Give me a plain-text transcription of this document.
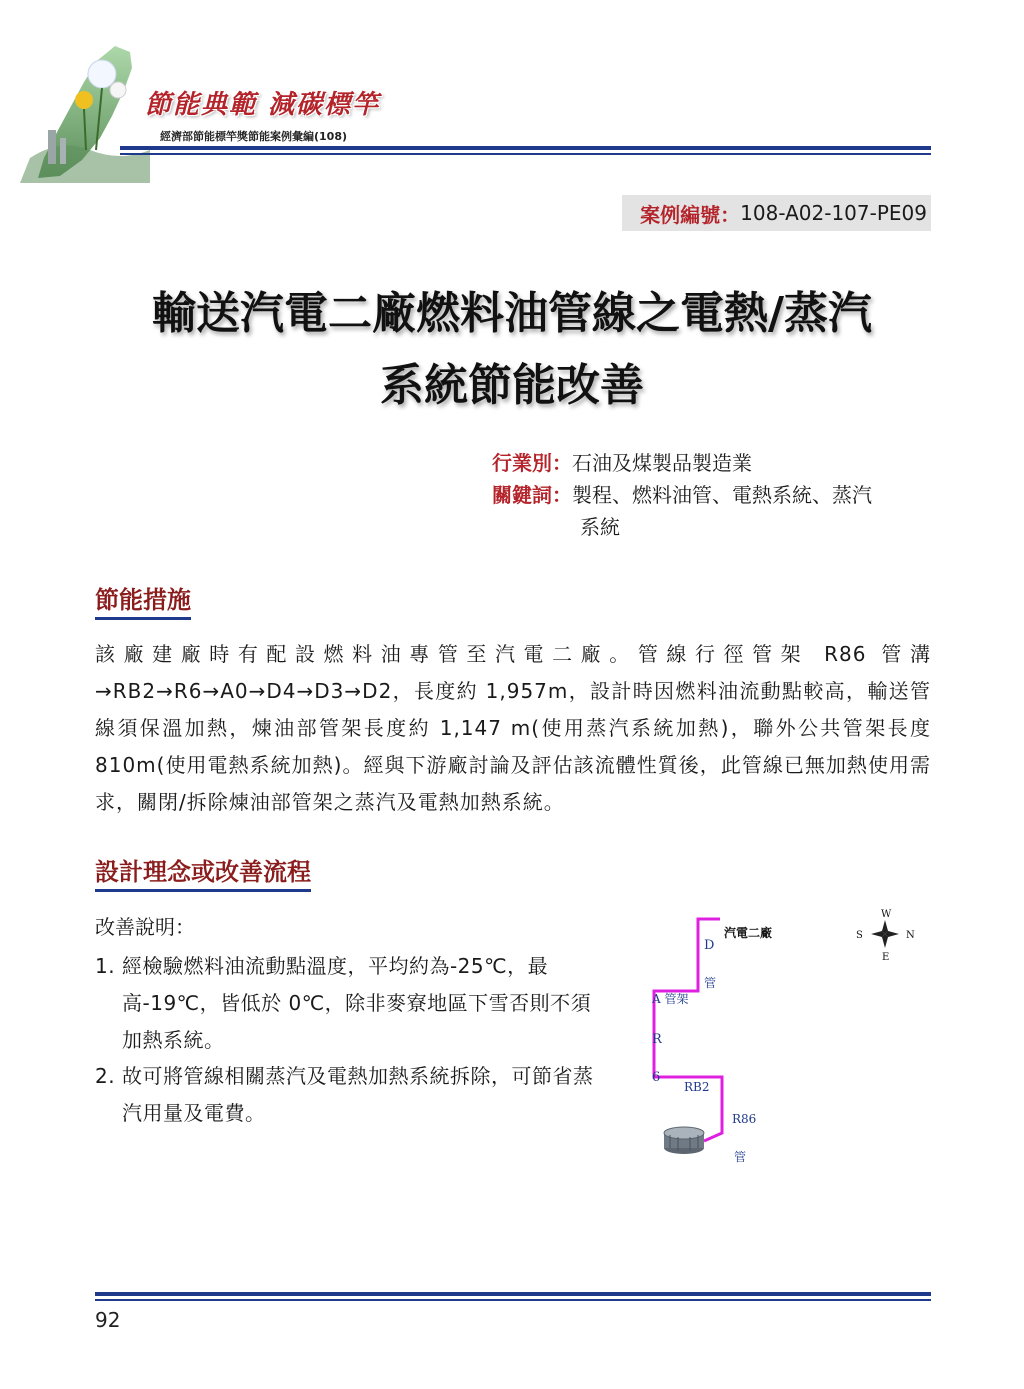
節能典範 減碳標竿
經濟部節能標竿獎節能案例彙編(108)
案例編號： 108-A02-107-PE09
輸送汽電二廠燃料油管線之電熱/蒸汽
系統節能改善
行業別：石油及煤製品製造業
關鍵詞：製程、燃料油管、電熱系統、蒸汽
系統
節能措施
該廠建廠時有配設燃料油專管至汽電二廠。管線行徑管架 R86 管溝→RB2→R6→A0→D4→D3→D2，長度約 1,957m，設計時因燃料油流動點較高，輸送管線須保溫加熱，煉油部管架長度約 1,147 m(使用蒸汽系統加熱)，聯外公共管架長度 810m(使用電熱系統加熱)。經與下游廠討論及評估該流體性質後，此管線已無加熱使用需求，關閉/拆除煉油部管架之蒸汽及電熱加熱系統。
設計理念或改善流程
改善說明：
1. 經檢驗燃料油流動點溫度，平均約為-25℃，最高-19℃，皆低於 0℃，除非麥寮地區下雪否則不須加熱系統。
2. 故可將管線相關蒸汽及電熱加熱系統拆除，可節省蒸汽用量及電費。
汽電二廠
D
管
A 管架
R
6
RB2
R86
管
W
E
S	N
92
